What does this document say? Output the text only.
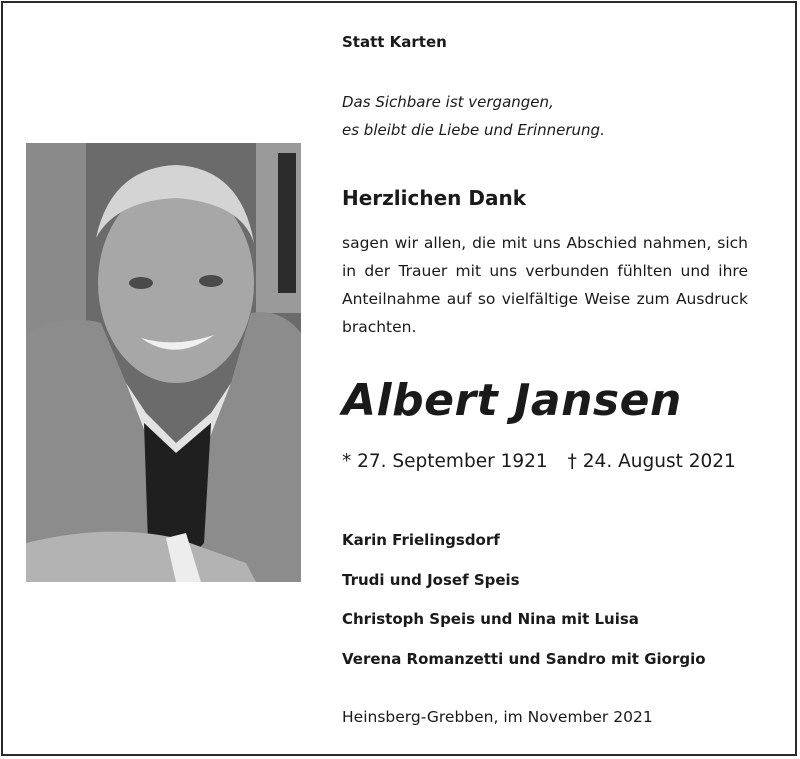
Statt Karten
Das Sichbare ist vergangen,
es bleibt die Liebe und Erinnerung.
Herzlichen Dank
sagen wir allen, die mit uns Abschied nahmen, sich in der Trauer mit uns verbunden fühlten und ihre Anteilnahme auf so vielfältige Weise zum Ausdruck brachten.
Albert Jansen
* 27. September 1921 † 24. August 2021
Karin Frielingsdorf
Trudi und Josef Speis
Christoph Speis und Nina mit Luisa
Verena Romanzetti und Sandro mit Giorgio
Heinsberg-Grebben, im November 2021
